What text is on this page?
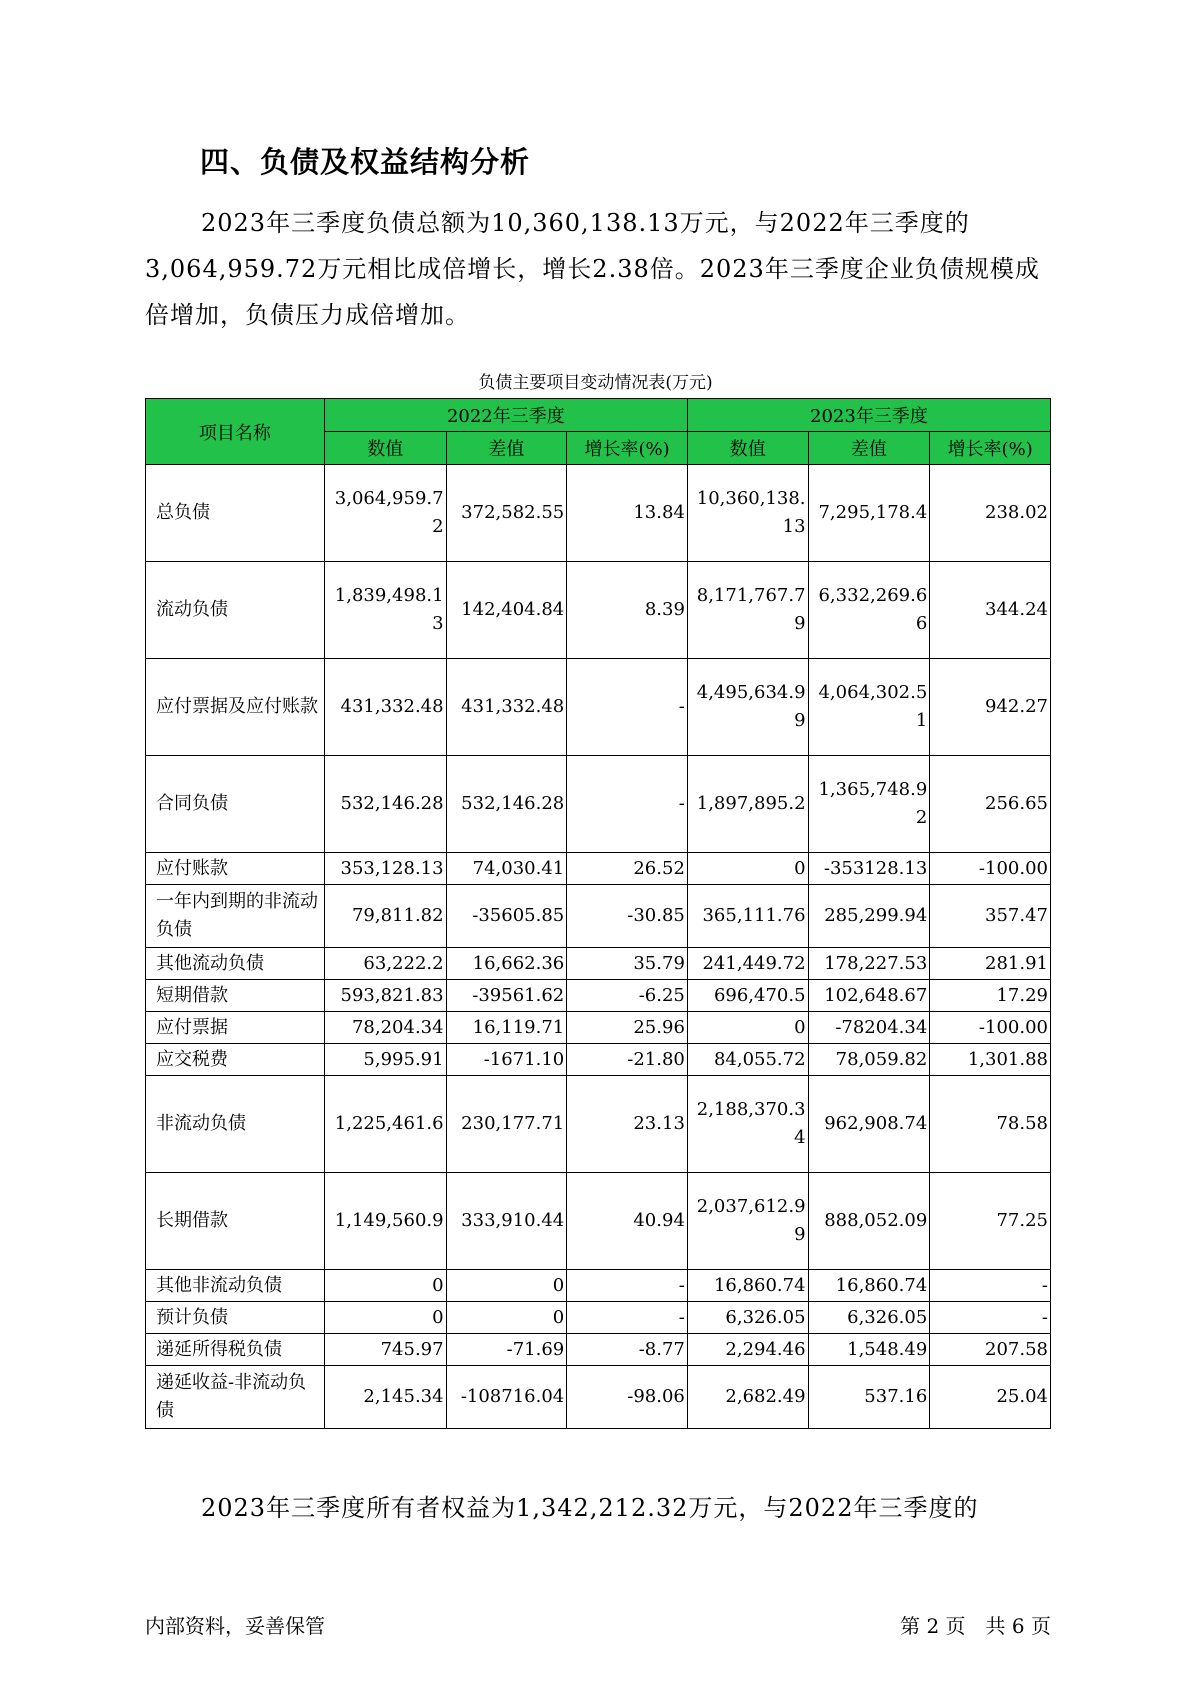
四、负债及权益结构分析
2023年三季度负债总额为10,360,138.13万元，与2022年三季度的3,064,959.72万元相比成倍增长，增长2.38倍。2023年三季度企业负债规模成倍增加，负债压力成倍增加。
负债主要项目变动情况表(万元)
项目名称	2022年三季度			2023年三季度		
	数值	差值	增长率(%)	数值	差值	增长率(%)
总负债	3,064,959.72	372,582.55	13.84	10,360,138.13	7,295,178.4	238.02
流动负债	1,839,498.13	142,404.84	8.39	8,171,767.79	6,332,269.66	344.24
应付票据及应付账款	431,332.48	431,332.48	-	4,495,634.99	4,064,302.51	942.27
合同负债	532,146.28	532,146.28	-	1,897,895.2	1,365,748.92	256.65
应付账款	353,128.13	74,030.41	26.52	0	-353128.13	-100.00
一年内到期的非流动负债	79,811.82	-35605.85	-30.85	365,111.76	285,299.94	357.47
其他流动负债	63,222.2	16,662.36	35.79	241,449.72	178,227.53	281.91
短期借款	593,821.83	-39561.62	-6.25	696,470.5	102,648.67	17.29
应付票据	78,204.34	16,119.71	25.96	0	-78204.34	-100.00
应交税费	5,995.91	-1671.10	-21.80	84,055.72	78,059.82	1,301.88
非流动负债	1,225,461.6	230,177.71	23.13	2,188,370.34	962,908.74	78.58
长期借款	1,149,560.9	333,910.44	40.94	2,037,612.99	888,052.09	77.25
其他非流动负债	0	0	-	16,860.74	16,860.74	-
预计负债	0	0	-	6,326.05	6,326.05	-
递延所得税负债	745.97	-71.69	-8.77	2,294.46	1,548.49	207.58
递延收益-非流动负债	2,145.34	-108716.04	-98.06	2,682.49	537.16	25.04
2023年三季度所有者权益为1,342,212.32万元，与2022年三季度的
内部资料，妥善保管	第 2 页　共 6 页
